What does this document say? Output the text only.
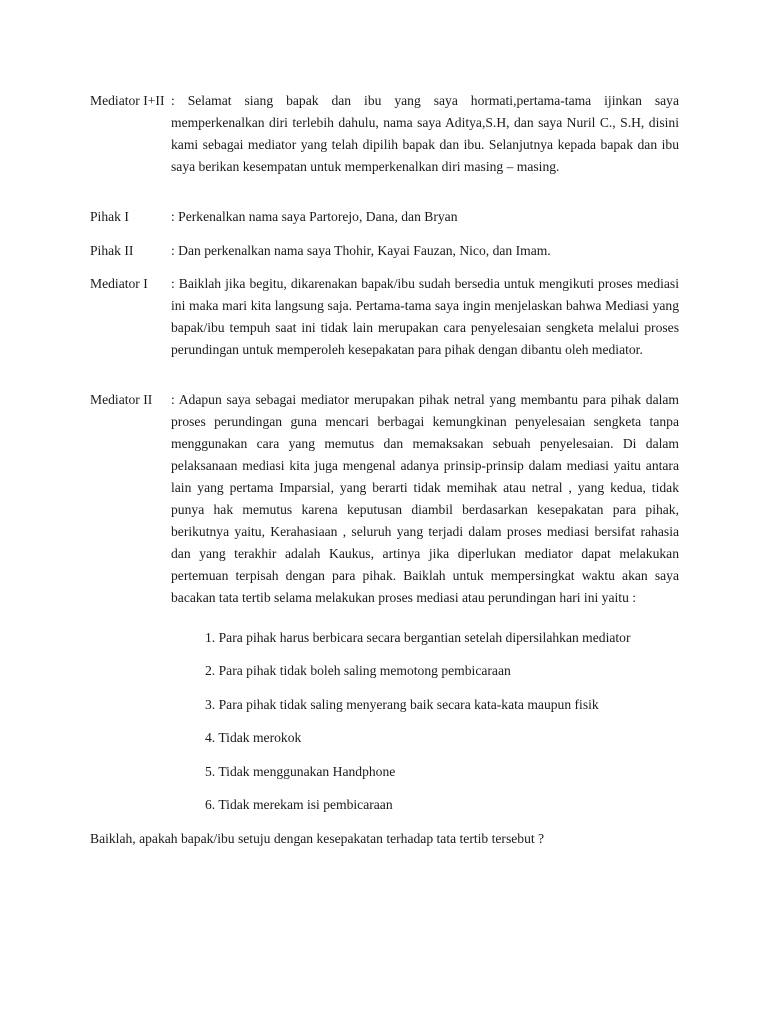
Mediator I+II : Selamat siang bapak dan ibu yang saya hormati,pertama-tama ijinkan saya memperkenalkan diri terlebih dahulu, nama saya Aditya,S.H, dan saya Nuril C., S.H, disini kami sebagai mediator yang telah dipilih bapak dan ibu. Selanjutnya kepada bapak dan ibu saya berikan kesempatan untuk memperkenalkan diri masing – masing.
Pihak I	: Perkenalkan nama saya Partorejo, Dana, dan Bryan
Pihak II	: Dan perkenalkan nama saya Thohir, Kayai Fauzan, Nico, dan Imam.
Mediator I : Baiklah jika begitu, dikarenakan bapak/ibu sudah bersedia untuk mengikuti proses mediasi ini maka mari kita langsung saja. Pertama-tama saya ingin menjelaskan bahwa Mediasi yang bapak/ibu tempuh saat ini tidak lain merupakan cara penyelesaian sengketa melalui proses perundingan untuk memperoleh kesepakatan para pihak dengan dibantu oleh mediator.
Mediator II : Adapun saya sebagai mediator merupakan pihak netral yang membantu para pihak dalam proses perundingan guna mencari berbagai kemungkinan penyelesaian sengketa tanpa menggunakan cara yang memutus dan memaksakan sebuah penyelesaian. Di dalam pelaksanaan mediasi kita juga mengenal adanya prinsip-prinsip dalam mediasi yaitu antara lain yang pertama Imparsial, yang berarti tidak memihak atau netral , yang kedua, tidak punya hak memutus karena keputusan diambil berdasarkan kesepakatan para pihak, berikutnya yaitu, Kerahasiaan , seluruh yang terjadi dalam proses mediasi bersifat rahasia dan yang terakhir adalah Kaukus, artinya jika diperlukan mediator dapat melakukan pertemuan terpisah dengan para pihak. Baiklah untuk mempersingkat waktu akan saya bacakan tata tertib selama melakukan proses mediasi atau perundingan hari ini yaitu :
1. Para pihak harus berbicara secara bergantian setelah dipersilahkan mediator
2. Para pihak tidak boleh saling memotong pembicaraan
3. Para pihak tidak saling menyerang baik secara kata-kata maupun fisik
4. Tidak merokok
5. Tidak menggunakan Handphone
6. Tidak merekam isi pembicaraan
Baiklah, apakah bapak/ibu setuju dengan kesepakatan terhadap tata tertib tersebut ?
